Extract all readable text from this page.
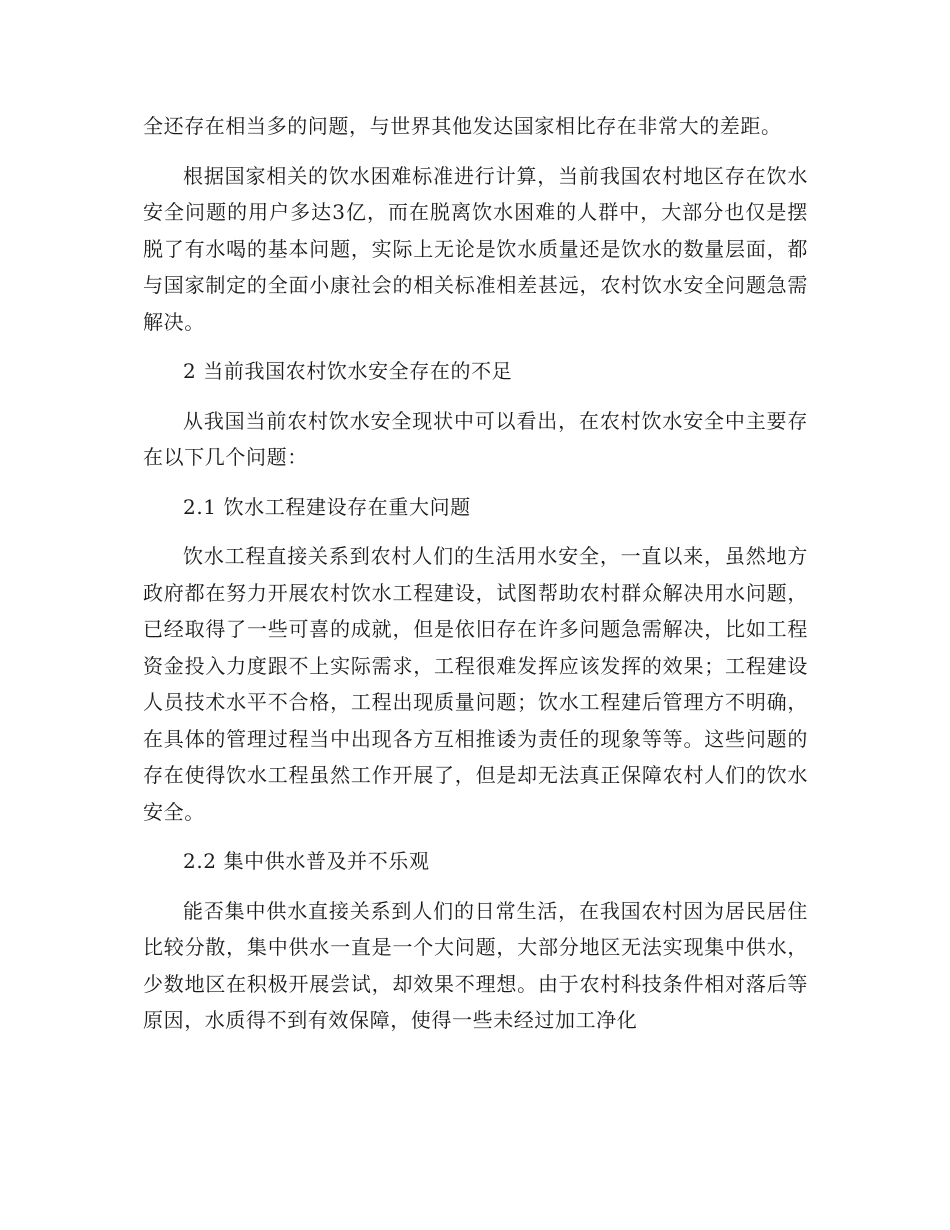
全还存在相当多的问题，与世界其他发达国家相比存在非常大的差距。

根据国家相关的饮水困难标准进行计算，当前我国农村地区存在饮水安全问题的用户多达3亿，而在脱离饮水困难的人群中，大部分也仅是摆脱了有水喝的基本问题，实际上无论是饮水质量还是饮水的数量层面，都与国家制定的全面小康社会的相关标准相差甚远，农村饮水安全问题急需解决。

2 当前我国农村饮水安全存在的不足

从我国当前农村饮水安全现状中可以看出，在农村饮水安全中主要存在以下几个问题：

2.1 饮水工程建设存在重大问题

饮水工程直接关系到农村人们的生活用水安全，一直以来，虽然地方政府都在努力开展农村饮水工程建设，试图帮助农村群众解决用水问题，已经取得了一些可喜的成就，但是依旧存在许多问题急需解决，比如工程资金投入力度跟不上实际需求，工程很难发挥应该发挥的效果；工程建设人员技术水平不合格，工程出现质量问题；饮水工程建后管理方不明确，在具体的管理过程当中出现各方互相推诿为责任的现象等等。这些问题的存在使得饮水工程虽然工作开展了，但是却无法真正保障农村人们的饮水安全。

2.2 集中供水普及并不乐观

能否集中供水直接关系到人们的日常生活，在我国农村因为居民居住比较分散，集中供水一直是一个大问题，大部分地区无法实现集中供水，少数地区在积极开展尝试，却效果不理想。由于农村科技条件相对落后等原因，水质得不到有效保障，使得一些未经过加工净化
